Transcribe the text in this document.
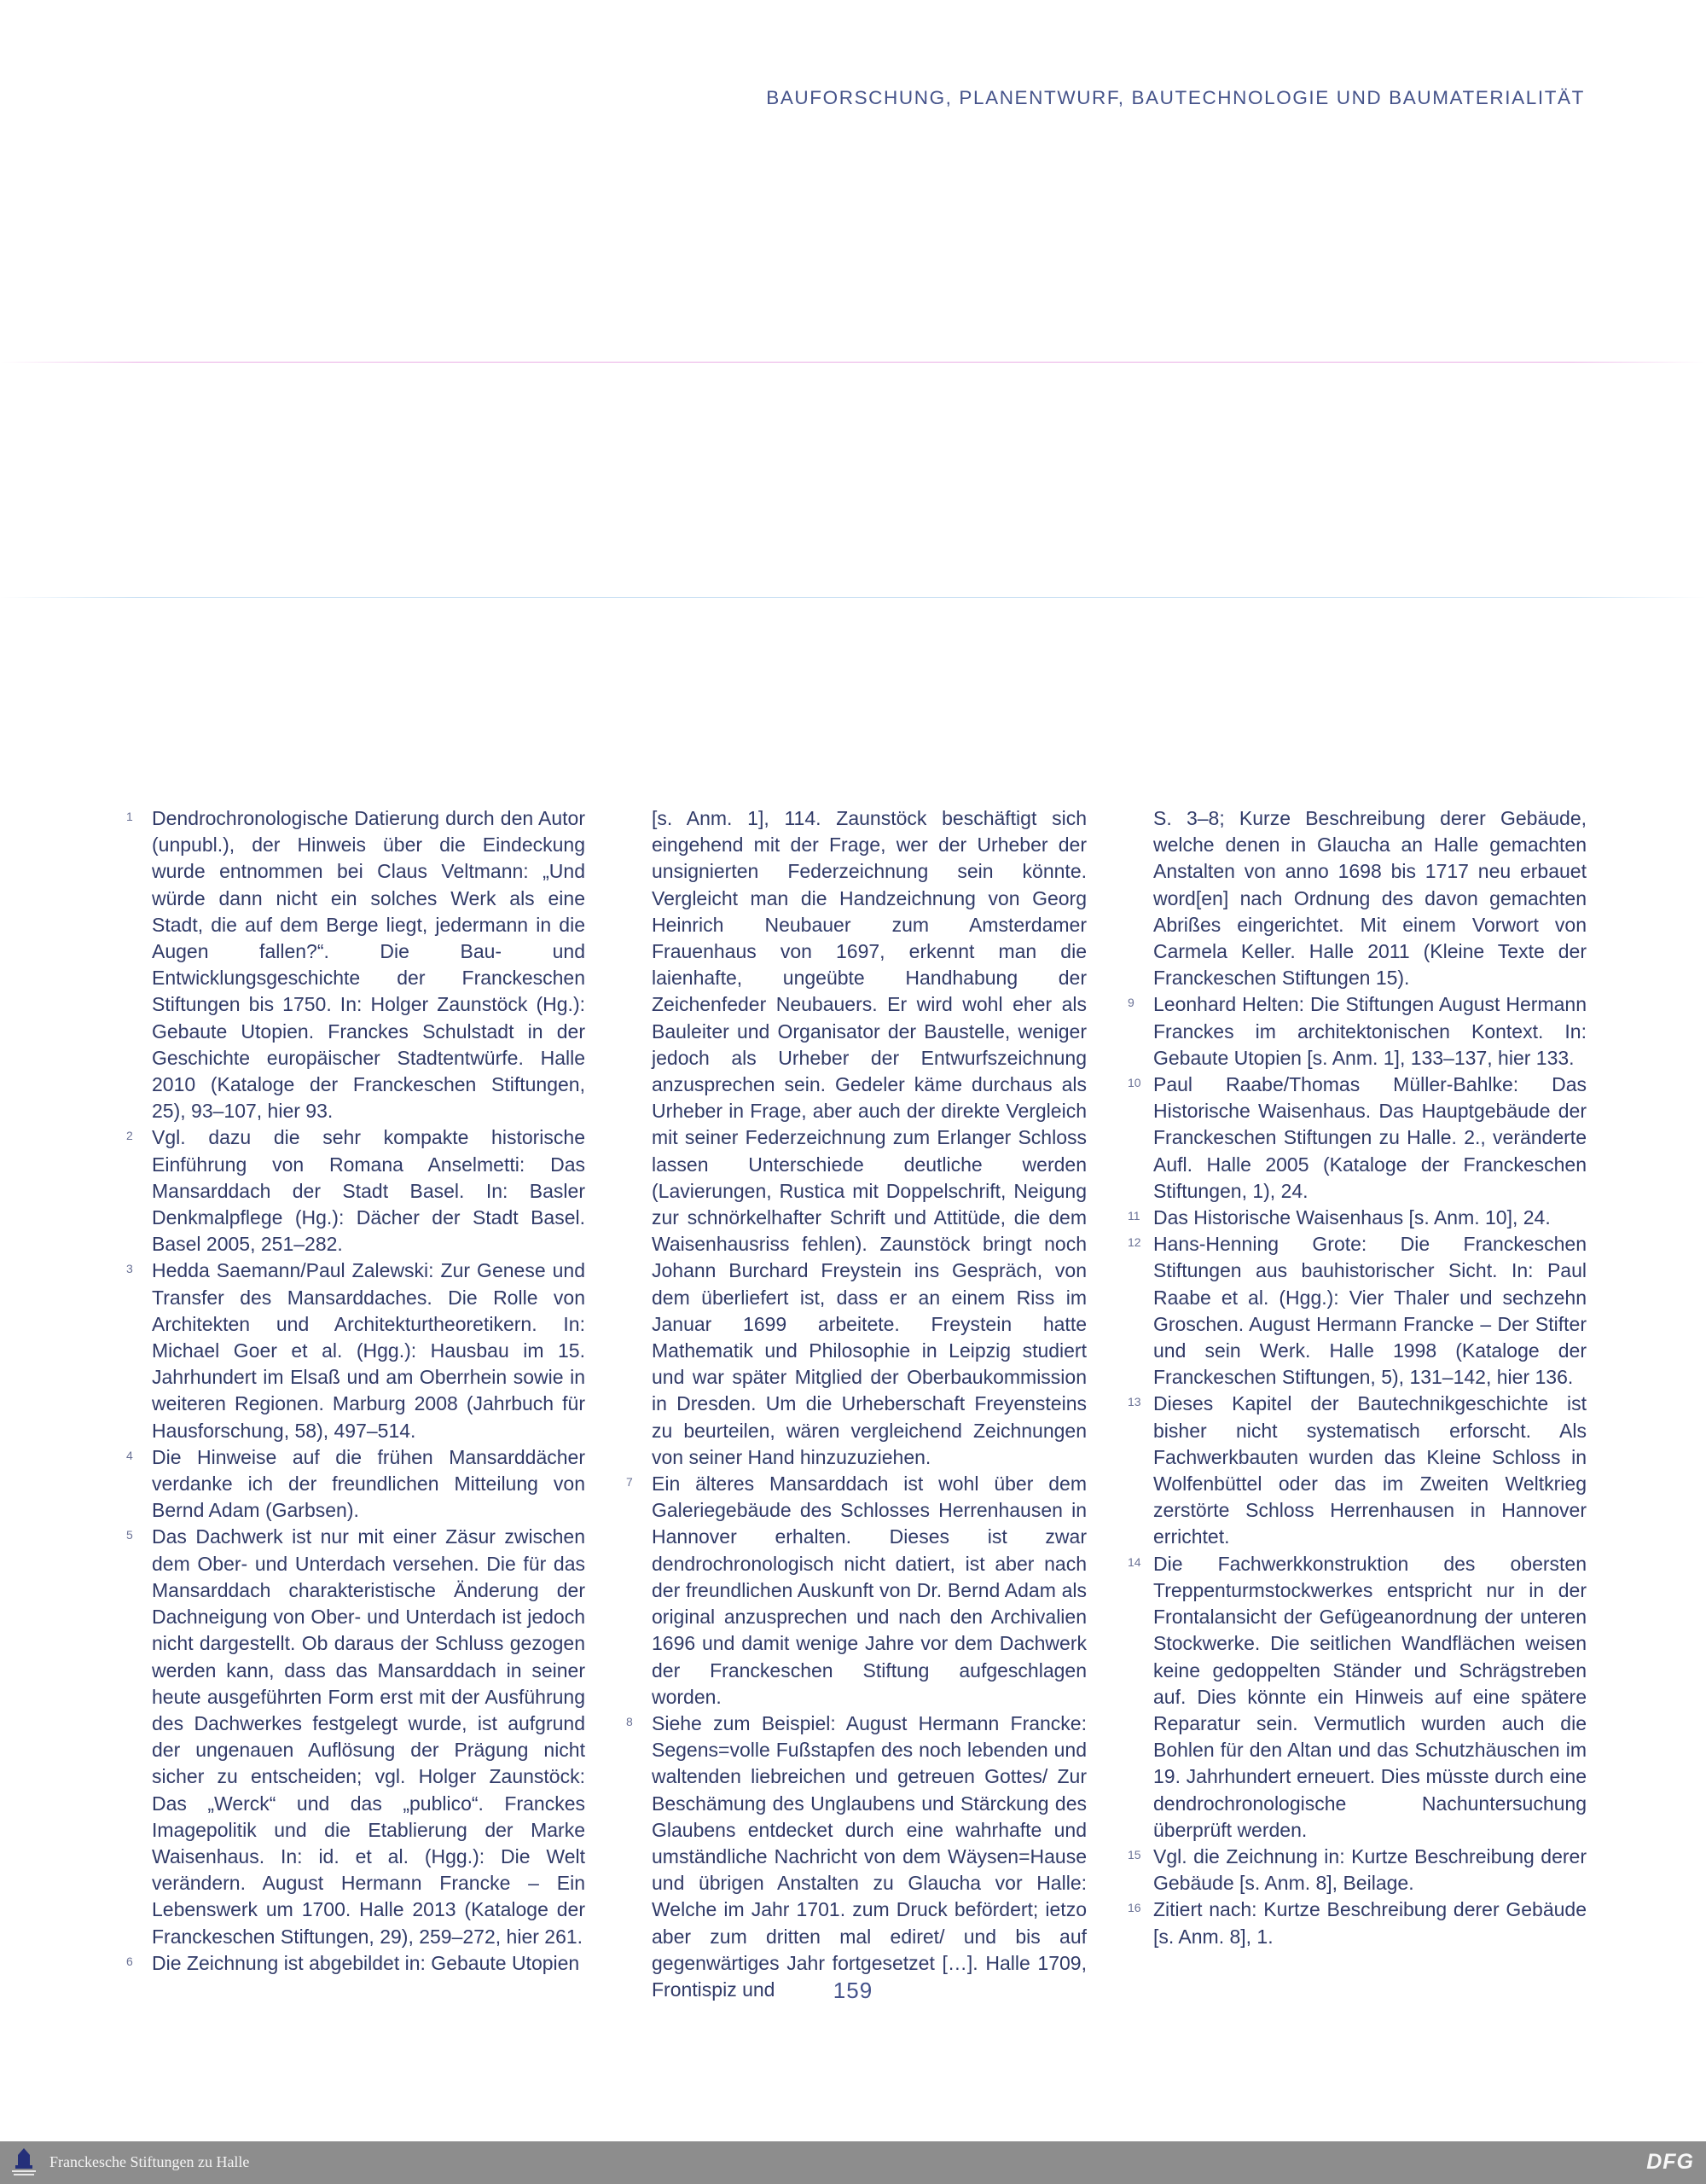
BAUFORSCHUNG, PLANENTWURF, BAUTECHNOLOGIE UND BAUMATERIALITÄT

1 Dendrochronologische Datierung durch den Autor (unpubl.), der Hinweis über die Eindeckung wurde entnommen bei Claus Veltmann: „Und würde dann nicht ein solches Werk als eine Stadt, die auf dem Berge liegt, jedermann in die Augen fallen?“. Die Bau- und Entwicklungsgeschichte der Franckeschen Stiftungen bis 1750. In: Holger Zaunstöck (Hg.): Gebaute Utopien. Franckes Schulstadt in der Geschichte europäischer Stadtentwürfe. Halle 2010 (Kataloge der Franckeschen Stiftungen, 25), 93–107, hier 93.

2 Vgl. dazu die sehr kompakte historische Einführung von Romana Anselmetti: Das Mansarddach der Stadt Basel. In: Basler Denkmalpflege (Hg.): Dächer der Stadt Basel. Basel 2005, 251–282.

3 Hedda Saemann/Paul Zalewski: Zur Genese und Transfer des Mansarddaches. Die Rolle von Architekten und Architekturtheoretikern. In: Michael Goer et al. (Hgg.): Hausbau im 15. Jahrhundert im Elsaß und am Oberrhein sowie in weiteren Regionen. Marburg 2008 (Jahrbuch für Hausforschung, 58), 497–514.

4 Die Hinweise auf die frühen Mansarddächer verdanke ich der freundlichen Mitteilung von Bernd Adam (Garbsen).

5 Das Dachwerk ist nur mit einer Zäsur zwischen dem Ober- und Unterdach versehen. Die für das Mansarddach charakteristische Änderung der Dachneigung von Ober- und Unterdach ist jedoch nicht dargestellt. Ob daraus der Schluss gezogen werden kann, dass das Mansarddach in seiner heute ausgeführten Form erst mit der Ausführung des Dachwerkes festgelegt wurde, ist aufgrund der ungenauen Auflösung der Prägung nicht sicher zu entscheiden; vgl. Holger Zaunstöck: Das „Werck“ und das „publico“. Franckes Imagepolitik und die Etablierung der Marke Waisenhaus. In: id. et al. (Hgg.): Die Welt verändern. August Hermann Francke – Ein Lebenswerk um 1700. Halle 2013 (Kataloge der Franckeschen Stiftungen, 29), 259–272, hier 261.

6 Die Zeichnung ist abgebildet in: Gebaute Utopien

[s. Anm. 1], 114. Zaunstöck beschäftigt sich eingehend mit der Frage, wer der Urheber der unsignierten Federzeichnung sein könnte. Vergleicht man die Handzeichnung von Georg Heinrich Neubauer zum Amsterdamer Frauenhaus von 1697, erkennt man die laienhafte, ungeübte Handhabung der Zeichenfeder Neubauers. Er wird wohl eher als Bauleiter und Organisator der Baustelle, weniger jedoch als Urheber der Entwurfszeichnung anzusprechen sein. Gedeler käme durchaus als Urheber in Frage, aber auch der direkte Vergleich mit seiner Federzeichnung zum Erlanger Schloss lassen Unterschiede deutliche werden (Lavierungen, Rustica mit Doppelschrift, Neigung zur schnörkelhafter Schrift und Attitüde, die dem Waisenhausriss fehlen). Zaunstöck bringt noch Johann Burchard Freystein ins Gespräch, von dem überliefert ist, dass er an einem Riss im Januar 1699 arbeitete. Freystein hatte Mathematik und Philosophie in Leipzig studiert und war später Mitglied der Oberbaukommission in Dresden. Um die Urheberschaft Freyensteins zu beurteilen, wären vergleichend Zeichnungen von seiner Hand hinzuzuziehen.

7 Ein älteres Mansarddach ist wohl über dem Galeriegebäude des Schlosses Herrenhausen in Hannover erhalten. Dieses ist zwar dendrochronologisch nicht datiert, ist aber nach der freundlichen Auskunft von Dr. Bernd Adam als original anzusprechen und nach den Archivalien 1696 und damit wenige Jahre vor dem Dachwerk der Franckeschen Stiftung aufgeschlagen worden.

8 Siehe zum Beispiel: August Hermann Francke: Segens=volle Fußstapfen des noch lebenden und waltenden liebreichen und getreuen Gottes/ Zur Beschämung des Unglaubens und Stärckung des Glaubens entdecket durch eine wahrhafte und umständliche Nachricht von dem Wäysen=Hause und übrigen Anstalten zu Glaucha vor Halle: Welche im Jahr 1701. zum Druck befördert; ietzo aber zum dritten mal ediret/ und bis auf gegenwärtiges Jahr fortgesetzet […]. Halle 1709, Frontispiz und

S. 3–8; Kurze Beschreibung derer Gebäude, welche denen in Glaucha an Halle gemachten Anstalten von anno 1698 bis 1717 neu erbauet word[en] nach Ordnung des davon gemachten Abrißes eingerichtet. Mit einem Vorwort von Carmela Keller. Halle 2011 (Kleine Texte der Franckeschen Stiftungen 15).

9 Leonhard Helten: Die Stiftungen August Hermann Franckes im architektonischen Kontext. In: Gebaute Utopien [s. Anm. 1], 133–137, hier 133.

10 Paul Raabe/Thomas Müller-Bahlke: Das Historische Waisenhaus. Das Hauptgebäude der Franckeschen Stiftungen zu Halle. 2., veränderte Aufl. Halle 2005 (Kataloge der Franckeschen Stiftungen, 1), 24.

11 Das Historische Waisenhaus [s. Anm. 10], 24.

12 Hans-Henning Grote: Die Franckeschen Stiftungen aus bauhistorischer Sicht. In: Paul Raabe et al. (Hgg.): Vier Thaler und sechzehn Groschen. August Hermann Francke – Der Stifter und sein Werk. Halle 1998 (Kataloge der Franckeschen Stiftungen, 5), 131–142, hier 136.

13 Dieses Kapitel der Bautechnikgeschichte ist bisher nicht systematisch erforscht. Als Fachwerkbauten wurden das Kleine Schloss in Wolfenbüttel oder das im Zweiten Weltkrieg zerstörte Schloss Herrenhausen in Hannover errichtet.

14 Die Fachwerkkonstruktion des obersten Treppenturmstockwerkes entspricht nur in der Frontalansicht der Gefügeanordnung der unteren Stockwerke. Die seitlichen Wandflächen weisen keine gedoppelten Ständer und Schrägstreben auf. Dies könnte ein Hinweis auf eine spätere Reparatur sein. Vermutlich wurden auch die Bohlen für den Altan und das Schutzhäuschen im 19. Jahrhundert erneuert. Dies müsste durch eine dendrochronologische Nachuntersuchung überprüft werden.

15 Vgl. die Zeichnung in: Kurtze Beschreibung derer Gebäude [s. Anm. 8], Beilage.

16 Zitiert nach: Kurtze Beschreibung derer Gebäude [s. Anm. 8], 1.

159
Franckesche Stiftungen zu Halle	DFG
